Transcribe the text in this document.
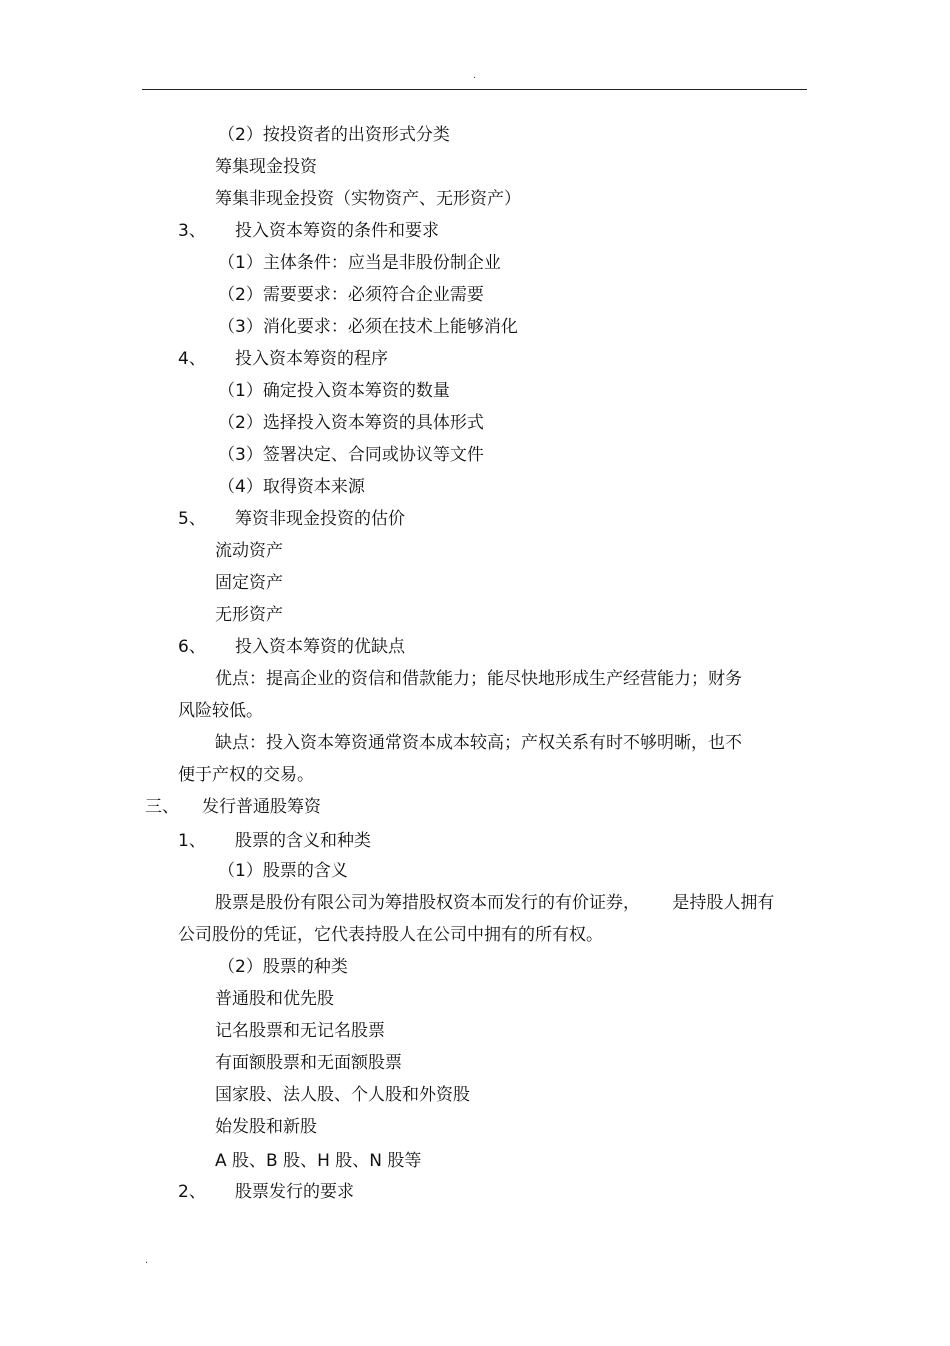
.
（2）按投资者的出资形式分类
筹集现金投资
筹集非现金投资（实物资产、无形资产）
3、 投入资本筹资的条件和要求
（1）主体条件：应当是非股份制企业
（2）需要要求：必须符合企业需要
（3）消化要求：必须在技术上能够消化
4、 投入资本筹资的程序
（1）确定投入资本筹资的数量
（2）选择投入资本筹资的具体形式
（3）签署决定、合同或协议等文件
（4）取得资本来源
5、 筹资非现金投资的估价
流动资产
固定资产
无形资产
6、 投入资本筹资的优缺点
优点：提高企业的资信和借款能力；能尽快地形成生产经营能力；财务
风险较低。
缺点：投入资本筹资通常资本成本较高；产权关系有时不够明晰，也不
便于产权的交易。
三、 发行普通股筹资
1、 股票的含义和种类
（1）股票的含义
股票是股份有限公司为筹措股权资本而发行的有价证券，      是持股人拥有
公司股份的凭证，它代表持股人在公司中拥有的所有权。
（2）股票的种类
普通股和优先股
记名股票和无记名股票
有面额股票和无面额股票
国家股、法人股、个人股和外资股
始发股和新股
A 股、B 股、H 股、N 股等
2、 股票发行的要求
.
